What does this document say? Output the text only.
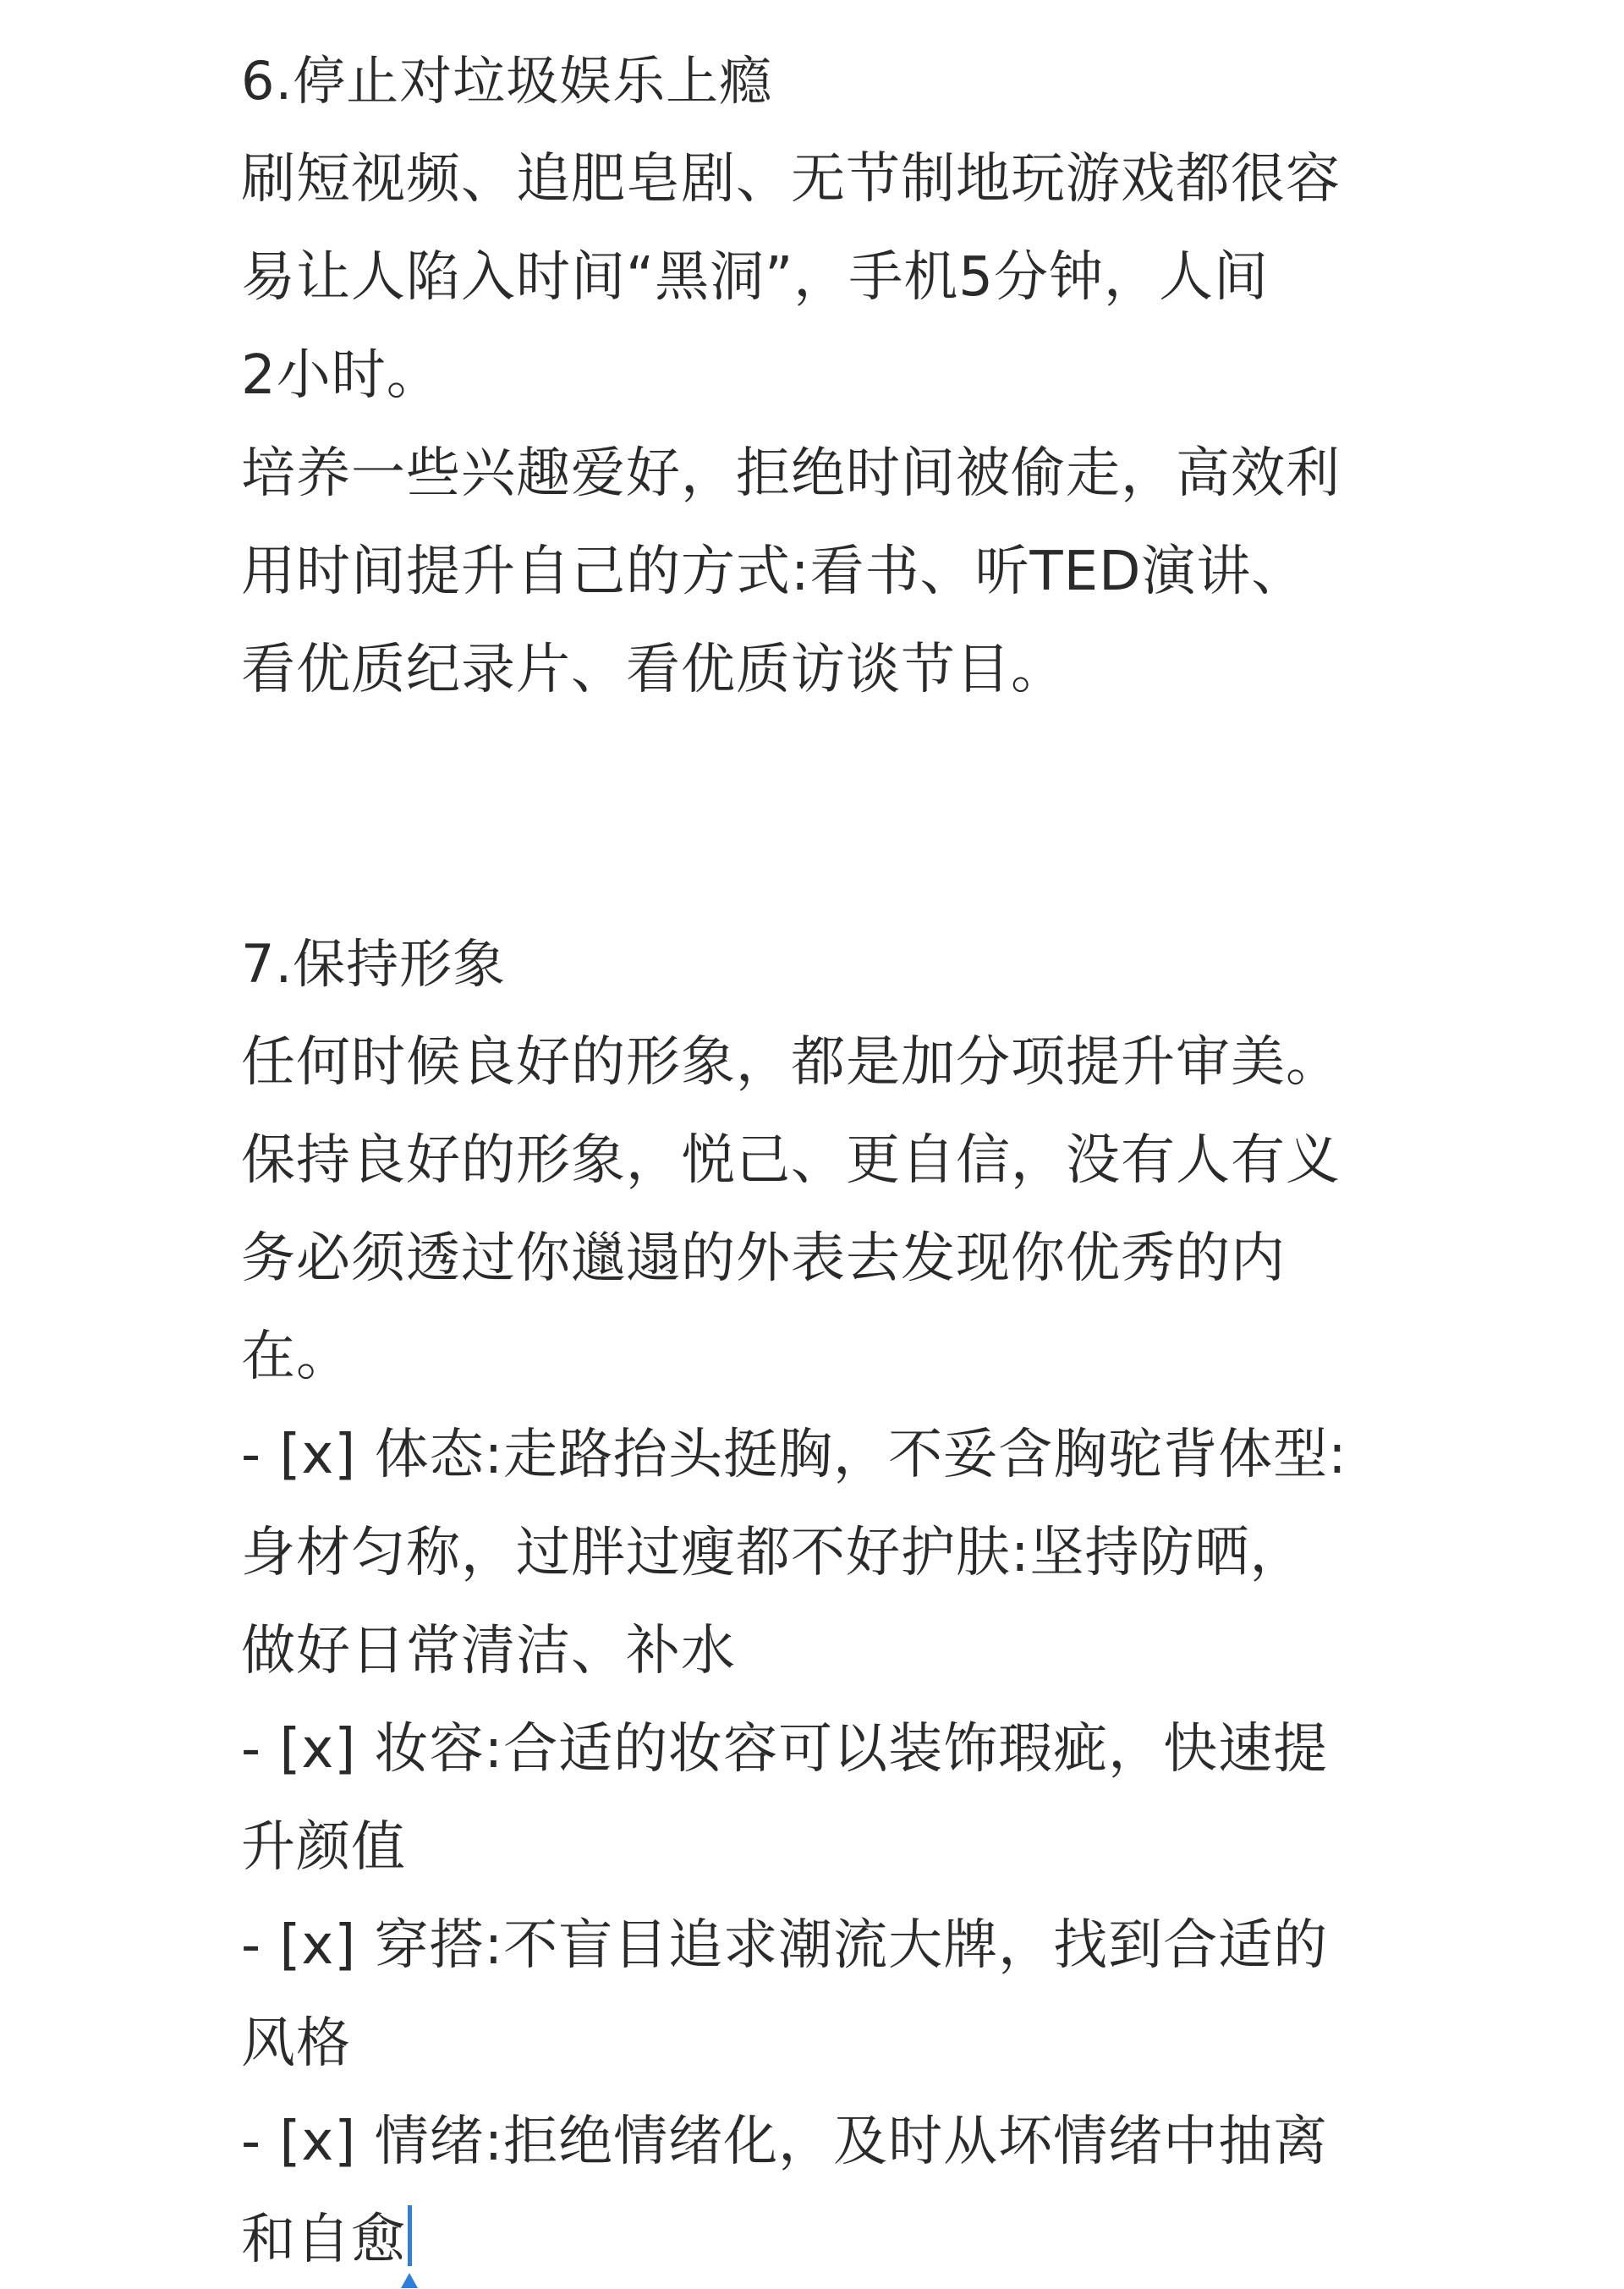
6.停止对垃圾娱乐上瘾
刷短视频、追肥皂剧、无节制地玩游戏都很容
易让人陷入时间“黑洞”，手机5分钟，人间
2小时。
培养一些兴趣爱好，拒绝时间被偷走，高效利
用时间提升自己的方式:看书、听TED演讲、
看优质纪录片、看优质访谈节目。
7.保持形象
任何时候良好的形象，都是加分项提升审美。
保持良好的形象，悦己、更自信，没有人有义
务必须透过你邋遢的外表去发现你优秀的内
在。
- [x] 体态:走路抬头挺胸，不妥含胸驼背体型:
身材匀称，过胖过瘦都不好护肤:坚持防晒，
做好日常清洁、补水
- [x] 妆容:合适的妆容可以装饰瑕疵，快速提
升颜值
- [x] 穿搭:不盲目追求潮流大牌，找到合适的
风格
- [x] 情绪:拒绝情绪化，及时从坏情绪中抽离
和自愈
